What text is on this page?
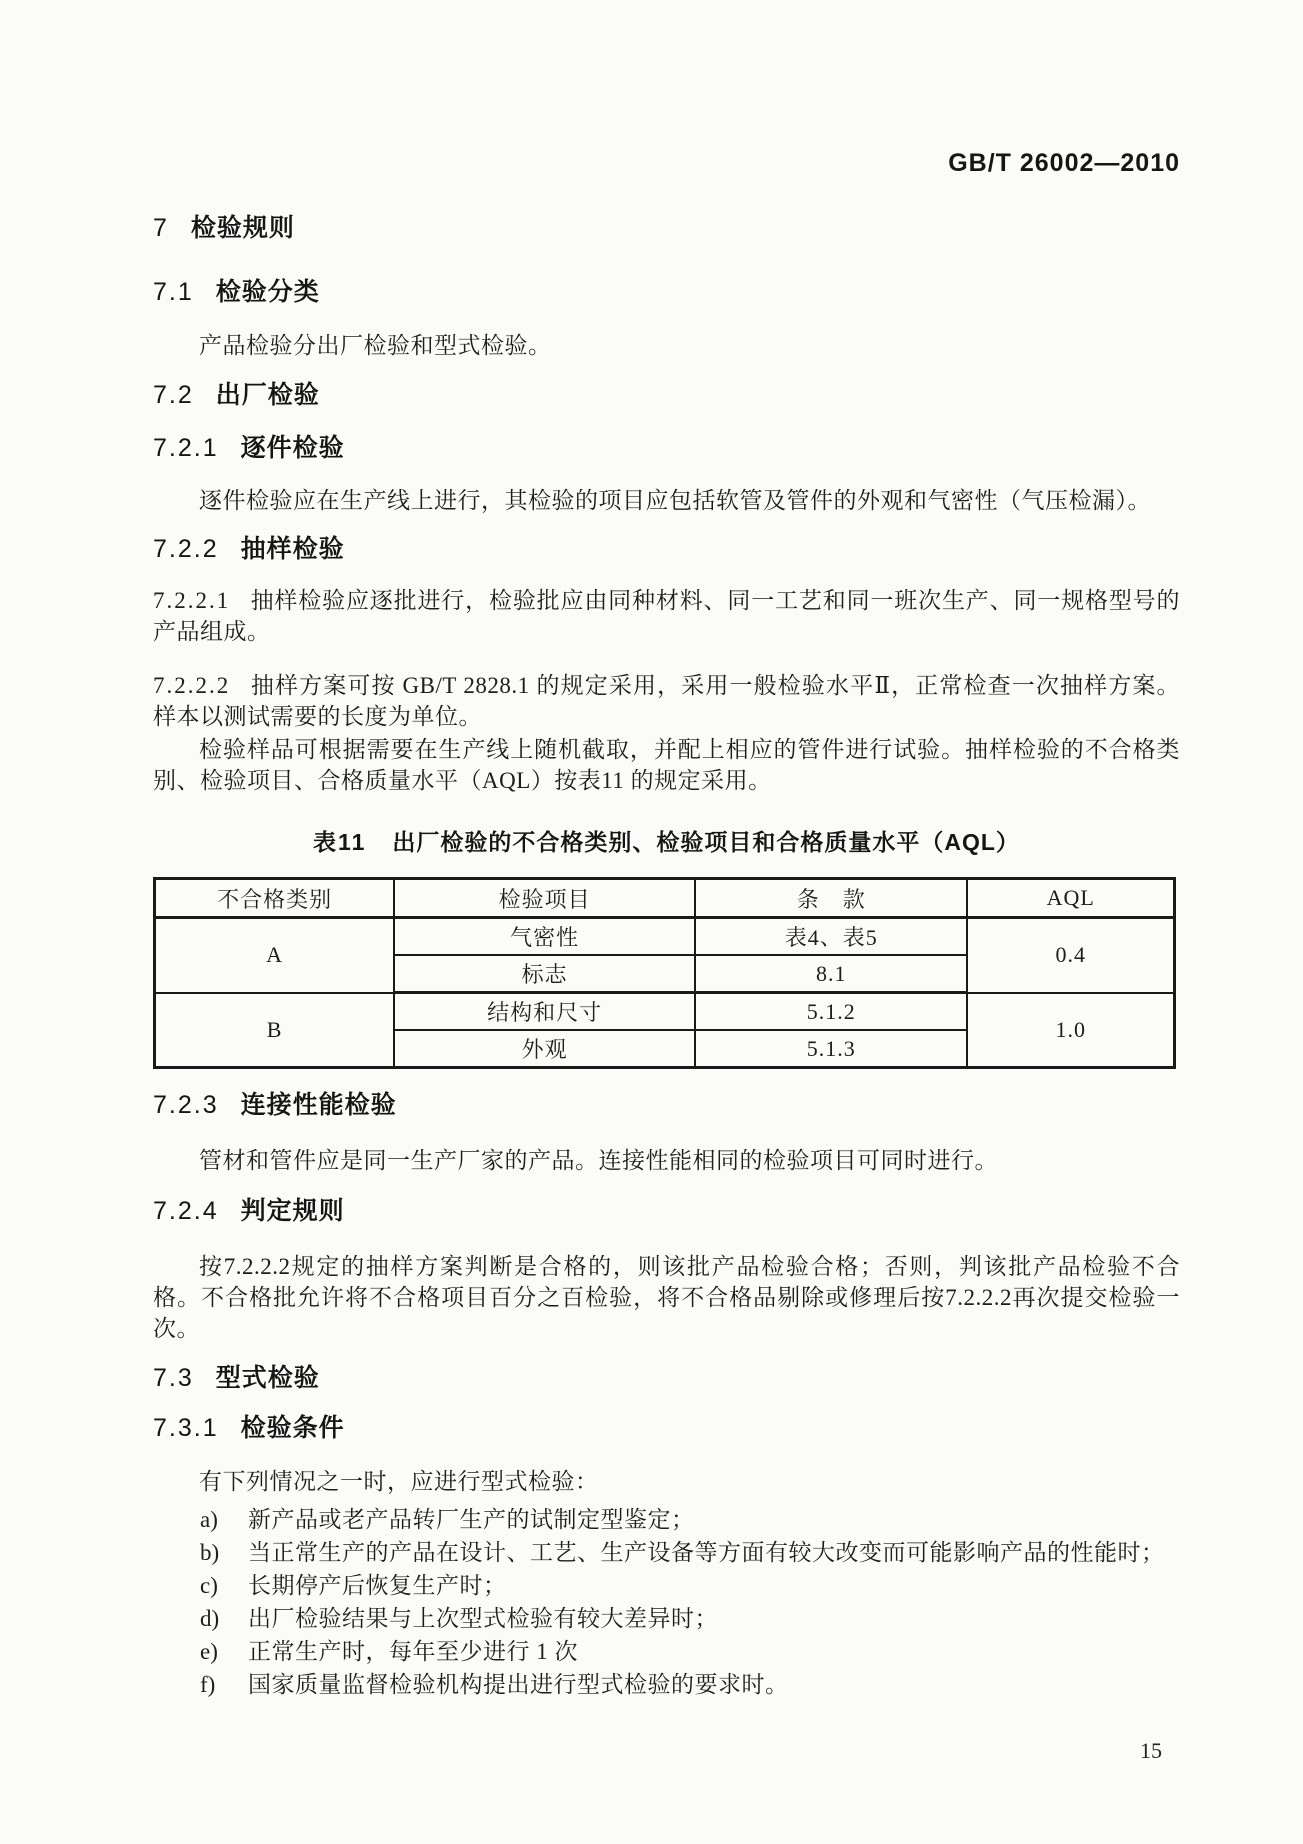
GB/T 26002—2010
7 检验规则
7.1 检验分类
产品检验分出厂检验和型式检验。
7.2 出厂检验
7.2.1 逐件检验
逐件检验应在生产线上进行，其检验的项目应包括软管及管件的外观和气密性（气压检漏）。
7.2.2 抽样检验
7.2.2.1 抽样检验应逐批进行，检验批应由同种材料、同一工艺和同一班次生产、同一规格型号的产品组成。
7.2.2.2 抽样方案可按 GB/T 2828.1 的规定采用，采用一般检验水平Ⅱ，正常检查一次抽样方案。样本以测试需要的长度为单位。
检验样品可根据需要在生产线上随机截取，并配上相应的管件进行试验。抽样检验的不合格类别、检验项目、合格质量水平（AQL）按表11 的规定采用。
表11 出厂检验的不合格类别、检验项目和合格质量水平（AQL）
不合格类别	检验项目	条　款	AQL
A	气密性	表4、表5	0.4
	标志	8.1	
B	结构和尺寸	5.1.2	1.0
	外观	5.1.3	
7.2.3 连接性能检验
管材和管件应是同一生产厂家的产品。连接性能相同的检验项目可同时进行。
7.2.4 判定规则
按7.2.2.2规定的抽样方案判断是合格的，则该批产品检验合格；否则，判该批产品检验不合格。不合格批允许将不合格项目百分之百检验，将不合格品剔除或修理后按7.2.2.2再次提交检验一次。
7.3 型式检验
7.3.1 检验条件
有下列情况之一时，应进行型式检验：
a) 新产品或老产品转厂生产的试制定型鉴定；
b) 当正常生产的产品在设计、工艺、生产设备等方面有较大改变而可能影响产品的性能时；
c) 长期停产后恢复生产时；
d) 出厂检验结果与上次型式检验有较大差异时；
e) 正常生产时，每年至少进行 1 次
f) 国家质量监督检验机构提出进行型式检验的要求时。
15
